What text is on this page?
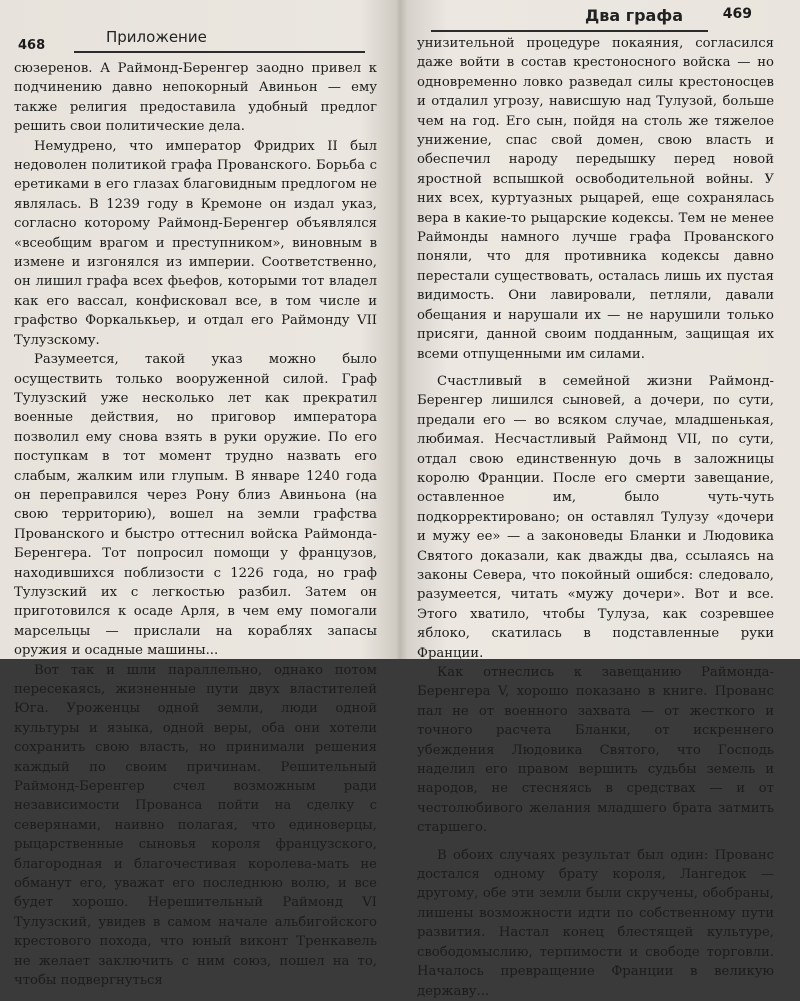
468	Приложение

сюзеренов. А Раймонд-Беренгер заодно привел к подчинению давно непокорный Авиньон — ему также религия предоставила удобный предлог решить свои политические дела.

Немудрено, что император Фридрих II был недоволен политикой графа Прованского. Борьба с еретиками в его глазах благовидным предлогом не являлась. В 1239 году в Кремоне он издал указ, согласно которому Раймонд-Беренгер объявлялся «всеобщим врагом и преступником», виновным в измене и изгонялся из империи. Соответственно, он лишил графа всех фьефов, которыми тот владел как его вассал, конфисковал все, в том числе и графство Форкалькьер, и отдал его Раймонду VII Тулузскому.

Разумеется, такой указ можно было осуществить только вооруженной силой. Граф Тулузский уже несколько лет как прекратил военные действия, но приговор императора позволил ему снова взять в руки оружие. По его поступкам в тот момент трудно назвать его слабым, жалким или глупым. В январе 1240 года он переправился через Рону близ Авиньона (на свою территорию), вошел на земли графства Прованского и быстро оттеснил войска Раймонда-Беренгера. Тот попросил помощи у французов, находившихся поблизости с 1226 года, но граф Тулузский их с легкостью разбил. Затем он приготовился к осаде Арля, в чем ему помогали марсельцы — прислали на кораблях запасы оружия и осадные машины...

Вот так и шли параллельно, однако потом пересекаясь, жизненные пути двух властителей Юга. Уроженцы одной земли, люди одной культуры и языка, одной веры, оба они хотели сохранить свою власть, но принимали решения каждый по своим причинам. Решительный Раймонд-Беренгер счел возможным ради независимости Прованса пойти на сделку с северянами, наивно полагая, что единоверцы, рыцарственные сыновья короля французского, благородная и благочестивая королева-мать не обманут его, уважат его последнюю волю, и все будет хорошо. Нерешительный Раймонд VI Тулузский, увидев в самом начале альбигойского крестового похода, что юный виконт Тренкавель не желает заключить с ним союз, пошел на то, чтобы подвергнуться

Два графа	469

унизительной процедуре покаяния, согласился даже войти в состав крестоносного войска — но одновременно ловко разведал силы крестоносцев и отдалил угрозу, нависшую над Тулузой, больше чем на год. Его сын, пойдя на столь же тяжелое унижение, спас свой домен, свою власть и обеспечил народу передышку перед новой яростной вспышкой освободительной войны. У них всех, куртуазных рыцарей, еще сохранялась вера в какие-то рыцарские кодексы. Тем не менее Раймонды намного лучше графа Прованского поняли, что для противника кодексы давно перестали существовать, осталась лишь их пустая видимость. Они лавировали, петляли, давали обещания и нарушали их — не нарушили только присяги, данной своим подданным, защищая их всеми отпущенными им силами.

Счастливый в семейной жизни Раймонд-Беренгер лишился сыновей, а дочери, по сути, предали его — во всяком случае, младшенькая, любимая. Несчастливый Раймонд VII, по сути, отдал свою единственную дочь в заложницы королю Франции. После его смерти завещание, оставленное им, было чуть-чуть подкорректировано; он оставлял Тулузу «дочери и мужу ее» — а законоведы Бланки и Людовика Святого доказали, как дважды два, ссылаясь на законы Севера, что покойный ошибся: следовало, разумеется, читать «мужу дочери». Вот и все. Этого хватило, чтобы Тулуза, как созревшее яблоко, скатилась в подставленные руки Франции.

Как отнеслись к завещанию Раймонда-Беренгера V, хорошо показано в книге. Прованс пал не от военного захвата — от жесткого и точного расчета Бланки, от искреннего убеждения Людовика Святого, что Господь наделил его правом вершить судьбы земель и народов, не стесняясь в средствах — и от честолюбивого желания младшего брата затмить старшего.

В обоих случаях результат был один: Прованс достался одному брату короля, Лангедок — другому, обе эти земли были скручены, обобраны, лишены возможности идти по собственному пути развития. Настал конец блестящей культуре, свободомыслию, терпимости и свободе торговли. Началось превращение Франции в великую державу...
